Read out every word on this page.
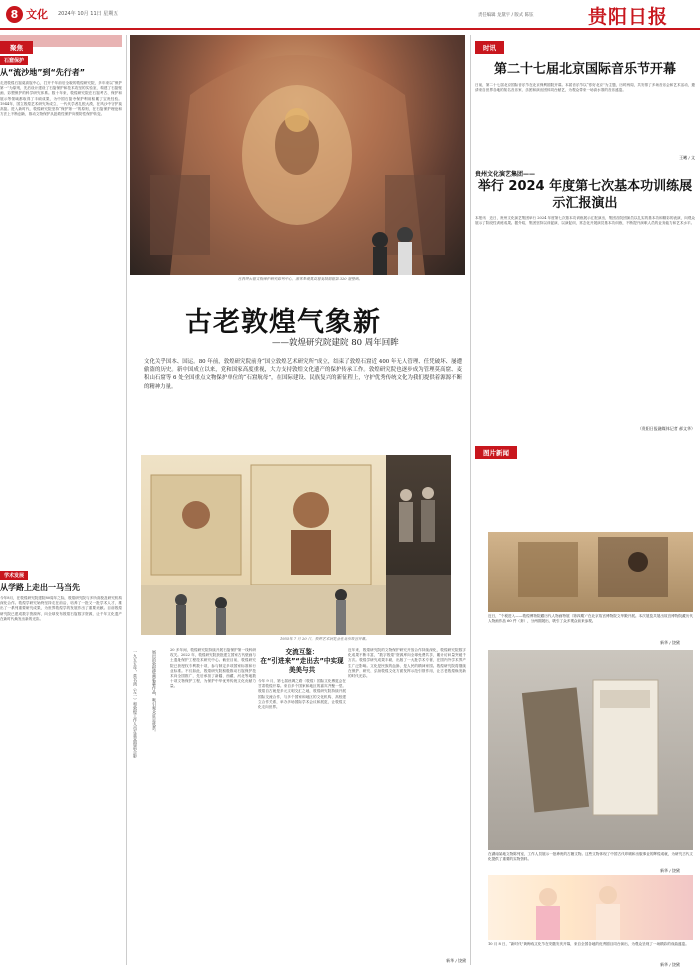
8 文化 2024年 10月 11日 星期五	责任编辑 龙黛宇 / 版式 陈铉	贵阳日报
聚焦
石窟保护
从“流沙地”到“先行者”
走进敦煌石窟莫高窟中心，打开千年前后全貌的敦煌研究院，多年来以“保护第一”为原则，先后设计建设了石窟保护和技术攻坚的实验室，构建了石窟壁画、彩塑保护的科学研究体系。数十年来，敦煌研究院在石窟考古、保护和展示等领域都取得了丰硕成果，为中国石窟寺保护利用积累了宝贵经验。1944年，国立敦煌艺术研究所成立，一代代学者扎根大漠，在风沙中守护莫高窟。进入新时代，敦煌研究院坚持“保护第一”的原则，在石窟保护理论和方法上不断创新，推动文物保护从抢救性保护向预防性保护转变。
学术发展
从学路上走出一马当先
今年8月，在敦煌研究院建院80周年之际，敦煌研究院与多所高校及研究机构深化合作。敦煌学研究始终坚持走在前沿，培养了一批又一批学术人才，推出了一系列重要研究成果，为世界敦煌学的发展作出了重要贡献。目前敦煌研究院已建成数字资源库，向全球发布敦煌石窟数字资源，让千年文化遗产在新时代焕发出新的光彩。
在敦煌石窟文物保护研究陈列中心，游客参观莫高窟复制洞窟第 320 窟壁画。
古老敦煌气象新
——敦煌研究院建院 80 周年回眸
文化关乎国本、国运。80 年前，敦煌研究院前身“国立敦煌艺术研究所”成立，结束了敦煌石窟近 400 年无人管理、任凭破坏、屡遭偷盗的历史。新中国成立以来，党和国家高度重视，大力支持敦煌文化遗产的保护传承工作。敦煌研究院也逐步成为管理莫高窟、麦积山石窟等 6 处全国重点文物保护单位的“石窟航母”，在国际建设、民族复兴的新征程上，守护优秀传统文化为我们提供着源源不断的精神力量。
1955年 7 月 20 日，敦煌艺术展览会在北京故宫开幕。
一九五五年，常书鸿（左一）和敦煌工作人员在莫高窟前合影	展出的敦煌壁画临摹作品，吸引观众驻足欣赏。	20 多年间，敦煌研究院持续开展石窟保护第一线科研攻关。2022 年，敦煌研究院获批建立国家古代壁画与土遗址保护工程技术研究中心。截至目前，敦煌研究院已获授权专利数十项，参与制定多项国家标准和行业标准。不仅如此，敦煌研究院积极推动石窟保护技术向全国推广，先后承担了新疆、西藏、河北等地数十项文物保护工程，为保护中华优秀传统文化贡献力量。
交流互鉴：
在“引进来”“走出去”中实现美美与共
今年 9 月，第七届丝绸之路（敦煌）国际文化博览会在甘肃敦煌开幕。来自多个国家和地区的嘉宾齐聚一堂。敦煌自古就是多元文明交汇之地，敦煌研究院持续开展国际交流合作，与多个国家和地区的文化机构、高校建立合作关系，举办多场国际学术会议和展览，让敦煌文化走向世界。
近年来，敦煌研究院的文物保护研究开放合作持续深化，敦煌研究院数字化成果不断丰富，“数字敦煌”资源库向全球免费共享，累计访问量突破千万次。敦煌学研究成果丰硕，出版了一大批学术专著，在国内外学术界产生广泛影响。文化是民族的血脉，是人民的精神家园。敦煌研究院将继续在保护、研究、弘扬敦煌文化方面发挥示范引领作用，让古老敦煌焕发新的时代光彩。
新华 / 饶黛
时讯
第二十七届北京国际音乐节开幕
日前，第二十七届北京国际音乐节在北京保利剧院开幕。本届音乐节以“你好北京”为主题，历时两周，共安排了多场音乐会和艺术活动，邀请来自世界各地的知名音乐家、乐团和演出团体同台献艺，为观众带来一场高水准的音乐盛宴。
王曦 / 文
贵州文化演艺集团——
举行 2024 年度第七次基本功训练展示汇报演出
本报讯　近日，贵州文化演艺集团举行 2024 年度第七次基本功训练展示汇报演出，集团各院团演员以扎实的基本功和精彩的表演，向观众展示了阶段性训练成果。据介绍，集团坚持以训促演、以演促训，常态化开展演员基本功训练，不断提升演职人员的业务能力和艺术水平。
（贵阳日报融媒体记者 郝文华）
图片新闻
近日，“个税进入——敦煌博物院藏历代人物画特展（第四期）”在北京故宫博物院文华殿开展。本次展览共展出故宫博物院藏历代人物画作品 60 件（套），分两期展出，吸引了众多观众前来参观。
新华 / 饶黛
在湖南某地文物陈列室，工作人员展示一批珍贵的古籍文物。这些文物体现了中国古代印刷和出版事业的辉煌成就，为研究古代文化提供了重要的实物资料。
新华 / 饶黛
10 月 8 日，“新时代”黄梅戏文化节在安徽安庆开幕，来自全国各地的优秀剧目同台演出，为观众呈现了一场精彩的戏曲盛宴。
新华 / 饶黛
